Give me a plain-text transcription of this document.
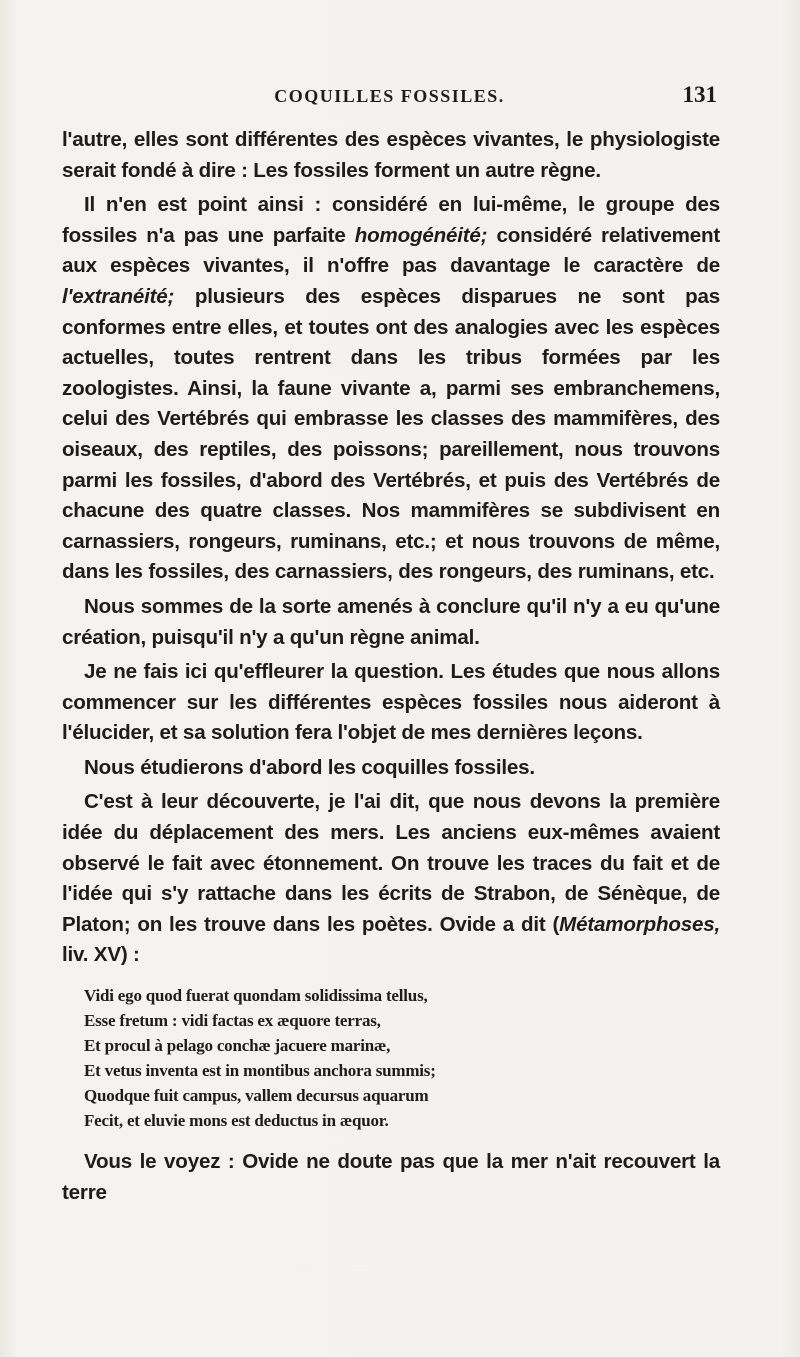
COQUILLES FOSSILES.	131

l'autre, elles sont différentes des espèces vivantes, le physiologiste serait fondé à dire : Les fossiles forment un autre règne.

Il n'en est point ainsi : considéré en lui-même, le groupe des fossiles n'a pas une parfaite homogénéité; considéré relativement aux espèces vivantes, il n'offre pas davantage le caractère de l'extranéité; plusieurs des espèces disparues ne sont pas conformes entre elles, et toutes ont des analogies avec les espèces actuelles, toutes rentrent dans les tribus formées par les zoologistes. Ainsi, la faune vivante a, parmi ses embranchemens, celui des Vertébrés qui embrasse les classes des mammifères, des oiseaux, des reptiles, des poissons; pareillement, nous trouvons parmi les fossiles, d'abord des Vertébrés, et puis des Vertébrés de chacune des quatre classes. Nos mammifères se subdivisent en carnassiers, rongeurs, ruminans, etc.; et nous trouvons de même, dans les fossiles, des carnassiers, des rongeurs, des ruminans, etc.

Nous sommes de la sorte amenés à conclure qu'il n'y a eu qu'une création, puisqu'il n'y a qu'un règne animal.

Je ne fais ici qu'effleurer la question. Les études que nous allons commencer sur les différentes espèces fossiles nous aideront à l'élucider, et sa solution fera l'objet de mes dernières leçons.

Nous étudierons d'abord les coquilles fossiles.

C'est à leur découverte, je l'ai dit, que nous devons la première idée du déplacement des mers. Les anciens eux-mêmes avaient observé le fait avec étonnement. On trouve les traces du fait et de l'idée qui s'y rattache dans les écrits de Strabon, de Sénèque, de Platon; on les trouve dans les poètes. Ovide a dit (Métamorphoses, liv. XV) :

Vidi ego quod fuerat quondam solidissima tellus,
Esse fretum : vidi factas ex æquore terras,
Et procul à pelago conchæ jacuere marinæ,
Et vetus inventa est in montibus anchora summis;
Quodque fuit campus, vallem decursus aquarum
Fecit, et eluvie mons est deductus in æquor.

Vous le voyez : Ovide ne doute pas que la mer n'ait recouvert la terre
